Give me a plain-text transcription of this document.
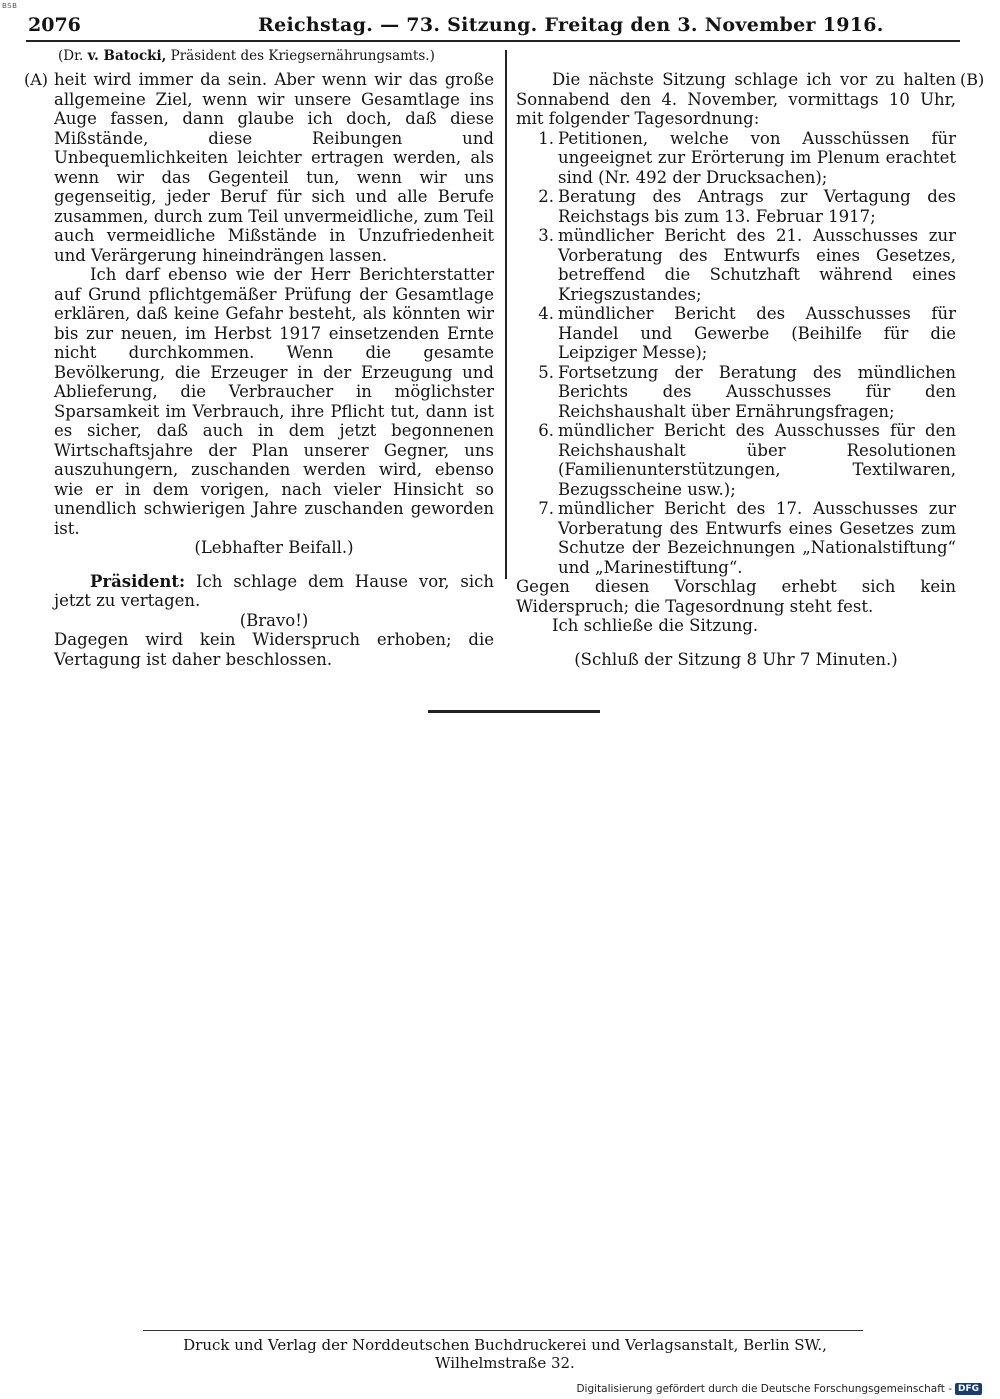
BSB
2076	Reichstag. — 73. Sitzung. Freitag den 3. November 1916.
(Dr. v. Batocki, Präsident des Kriegsernährungsamts.)
(A)	(B)

heit wird immer da sein. Aber wenn wir das große allgemeine Ziel, wenn wir unsere Gesamtlage ins Auge fassen, dann glaube ich doch, daß diese Mißstände, diese Reibungen und Unbequemlichkeiten leichter ertragen werden, als wenn wir das Gegenteil tun, wenn wir uns gegenseitig, jeder Beruf für sich und alle Berufe zusammen, durch zum Teil unvermeidliche, zum Teil auch vermeidliche Mißstände in Unzufriedenheit und Verärgerung hineindrängen lassen.

Ich darf ebenso wie der Herr Berichterstatter auf Grund pflichtgemäßer Prüfung der Gesamtlage erklären, daß keine Gefahr besteht, als könnten wir bis zur neuen, im Herbst 1917 einsetzenden Ernte nicht durchkommen. Wenn die gesamte Bevölkerung, die Erzeuger in der Erzeugung und Ablieferung, die Verbraucher in möglichster Sparsamkeit im Verbrauch, ihre Pflicht tut, dann ist es sicher, daß auch in dem jetzt begonnenen Wirtschaftsjahre der Plan unserer Gegner, uns auszuhungern, zuschanden werden wird, ebenso wie er in dem vorigen, nach vieler Hinsicht so unendlich schwierigen Jahre zuschanden geworden ist.

(Lebhafter Beifall.)

Präsident: Ich schlage dem Hause vor, sich jetzt zu vertagen.

(Bravo!)

Dagegen wird kein Widerspruch erhoben; die Vertagung ist daher beschlossen.

Die nächste Sitzung schlage ich vor zu halten Sonnabend den 4. November, vormittags 10 Uhr, mit folgender Tagesordnung:

1. Petitionen, welche von Ausschüssen für ungeeignet zur Erörterung im Plenum erachtet sind (Nr. 492 der Drucksachen);
2. Beratung des Antrags zur Vertagung des Reichstags bis zum 13. Februar 1917;
3. mündlicher Bericht des 21. Ausschusses zur Vorberatung des Entwurfs eines Gesetzes, betreffend die Schutzhaft während eines Kriegszustandes;
4. mündlicher Bericht des Ausschusses für Handel und Gewerbe (Beihilfe für die Leipziger Messe);
5. Fortsetzung der Beratung des mündlichen Berichts des Ausschusses für den Reichshaushalt über Ernährungsfragen;
6. mündlicher Bericht des Ausschusses für den Reichshaushalt über Resolutionen (Familienunterstützungen, Textilwaren, Bezugsscheine usw.);
7. mündlicher Bericht des 17. Ausschusses zur Vorberatung des Entwurfs eines Gesetzes zum Schutze der Bezeichnungen „Nationalstiftung“ und „Marinestiftung“.

Gegen diesen Vorschlag erhebt sich kein Widerspruch; die Tagesordnung steht fest.

Ich schließe die Sitzung.

(Schluß der Sitzung 8 Uhr 7 Minuten.)

Druck und Verlag der Norddeutschen Buchdruckerei und Verlagsanstalt, Berlin SW., Wilhelmstraße 32.
Digitalisierung gefördert durch die Deutsche Forschungsgemeinschaft - DFG
